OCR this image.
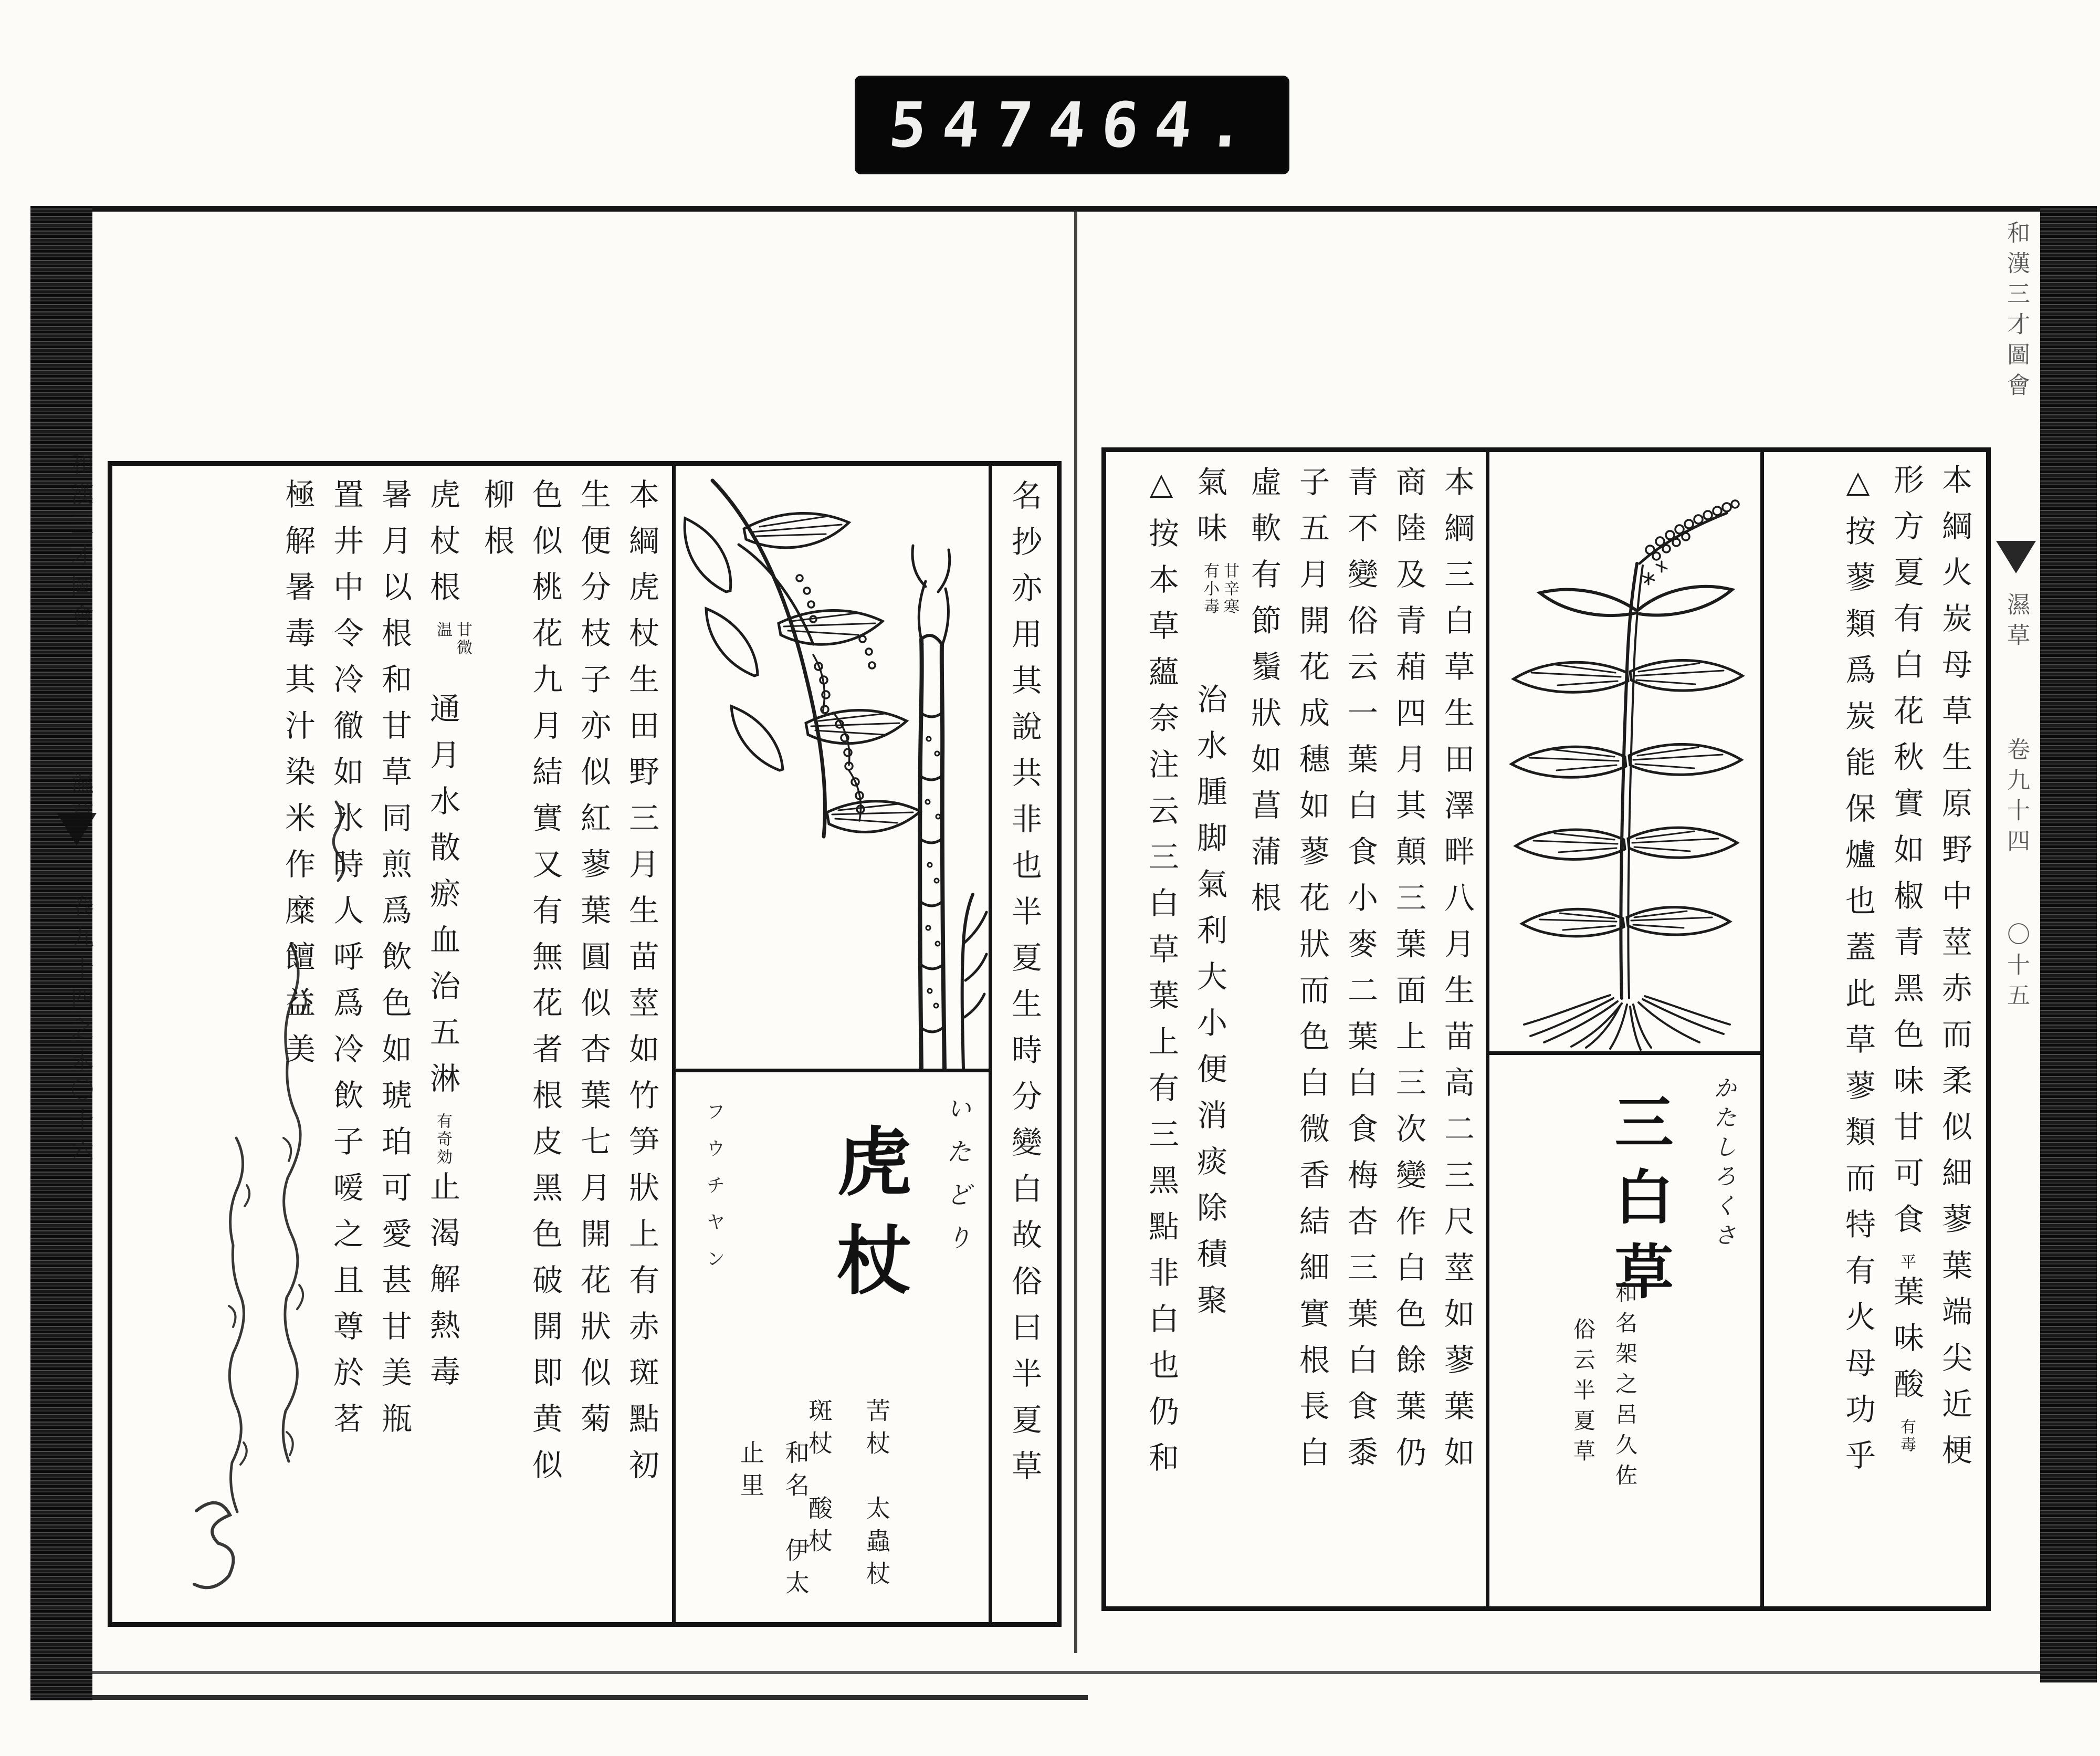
547
464.
和漢三才圖會濕草卷九十四之末〇十六
和漢三才圖會濕草卷九十四〇十五
本綱火炭母草生原野中莖赤而柔似細蓼葉端尖近梗
形方夏有白花秋實如椒青黑色味甘可食
平
葉味酸
有毒
△按蓼類爲炭能保爐也蓋此草蓼類而特有火母功乎
かたしろくさ
三白草
和名架之呂久佐
俗云半夏草
本綱三白草生田澤畔八月生苗高二三尺莖如蓼葉如
商陸及青葙四月其顛三葉面上三次變作白色餘葉仍
青不變俗云一葉白食小麥二葉白食梅杏三葉白食黍
子五月開花成穗如蓼花狀而色白微香結細實根長白
虛軟有節鬚狀如菖蒲根
氣味
甘辛寒
有小毒
治水腫脚氣利大小便消痰除積聚
△按本草蘊奈注云三白草葉上有三黑點非白也仍和
名抄亦用其說共非也半夏生時分變白故俗曰半夏草
いたどり
虎杖
フウチヤン
苦杖　太蟲杖
斑杖　酸杖
和名　伊太止里
本綱虎杖生田野三月生苗莖如竹笋狀上有赤斑點初
生便分枝子亦似紅蓼葉圓似杏葉七月開花狀似菊
色似桃花九月結實又有無花者根皮黑色破開即黄似
柳根
虎杖根
甘微
温
通月水散瘀血治五淋
有奇効
止渴解熱毒
暑月以根和甘草同煎爲飲色如琥珀可愛甚甘美瓶
置井中令冷徹如氷時人呼爲冷飲子嗳之且尊於茗
極解暑毒其汁染米作糜饘益美
